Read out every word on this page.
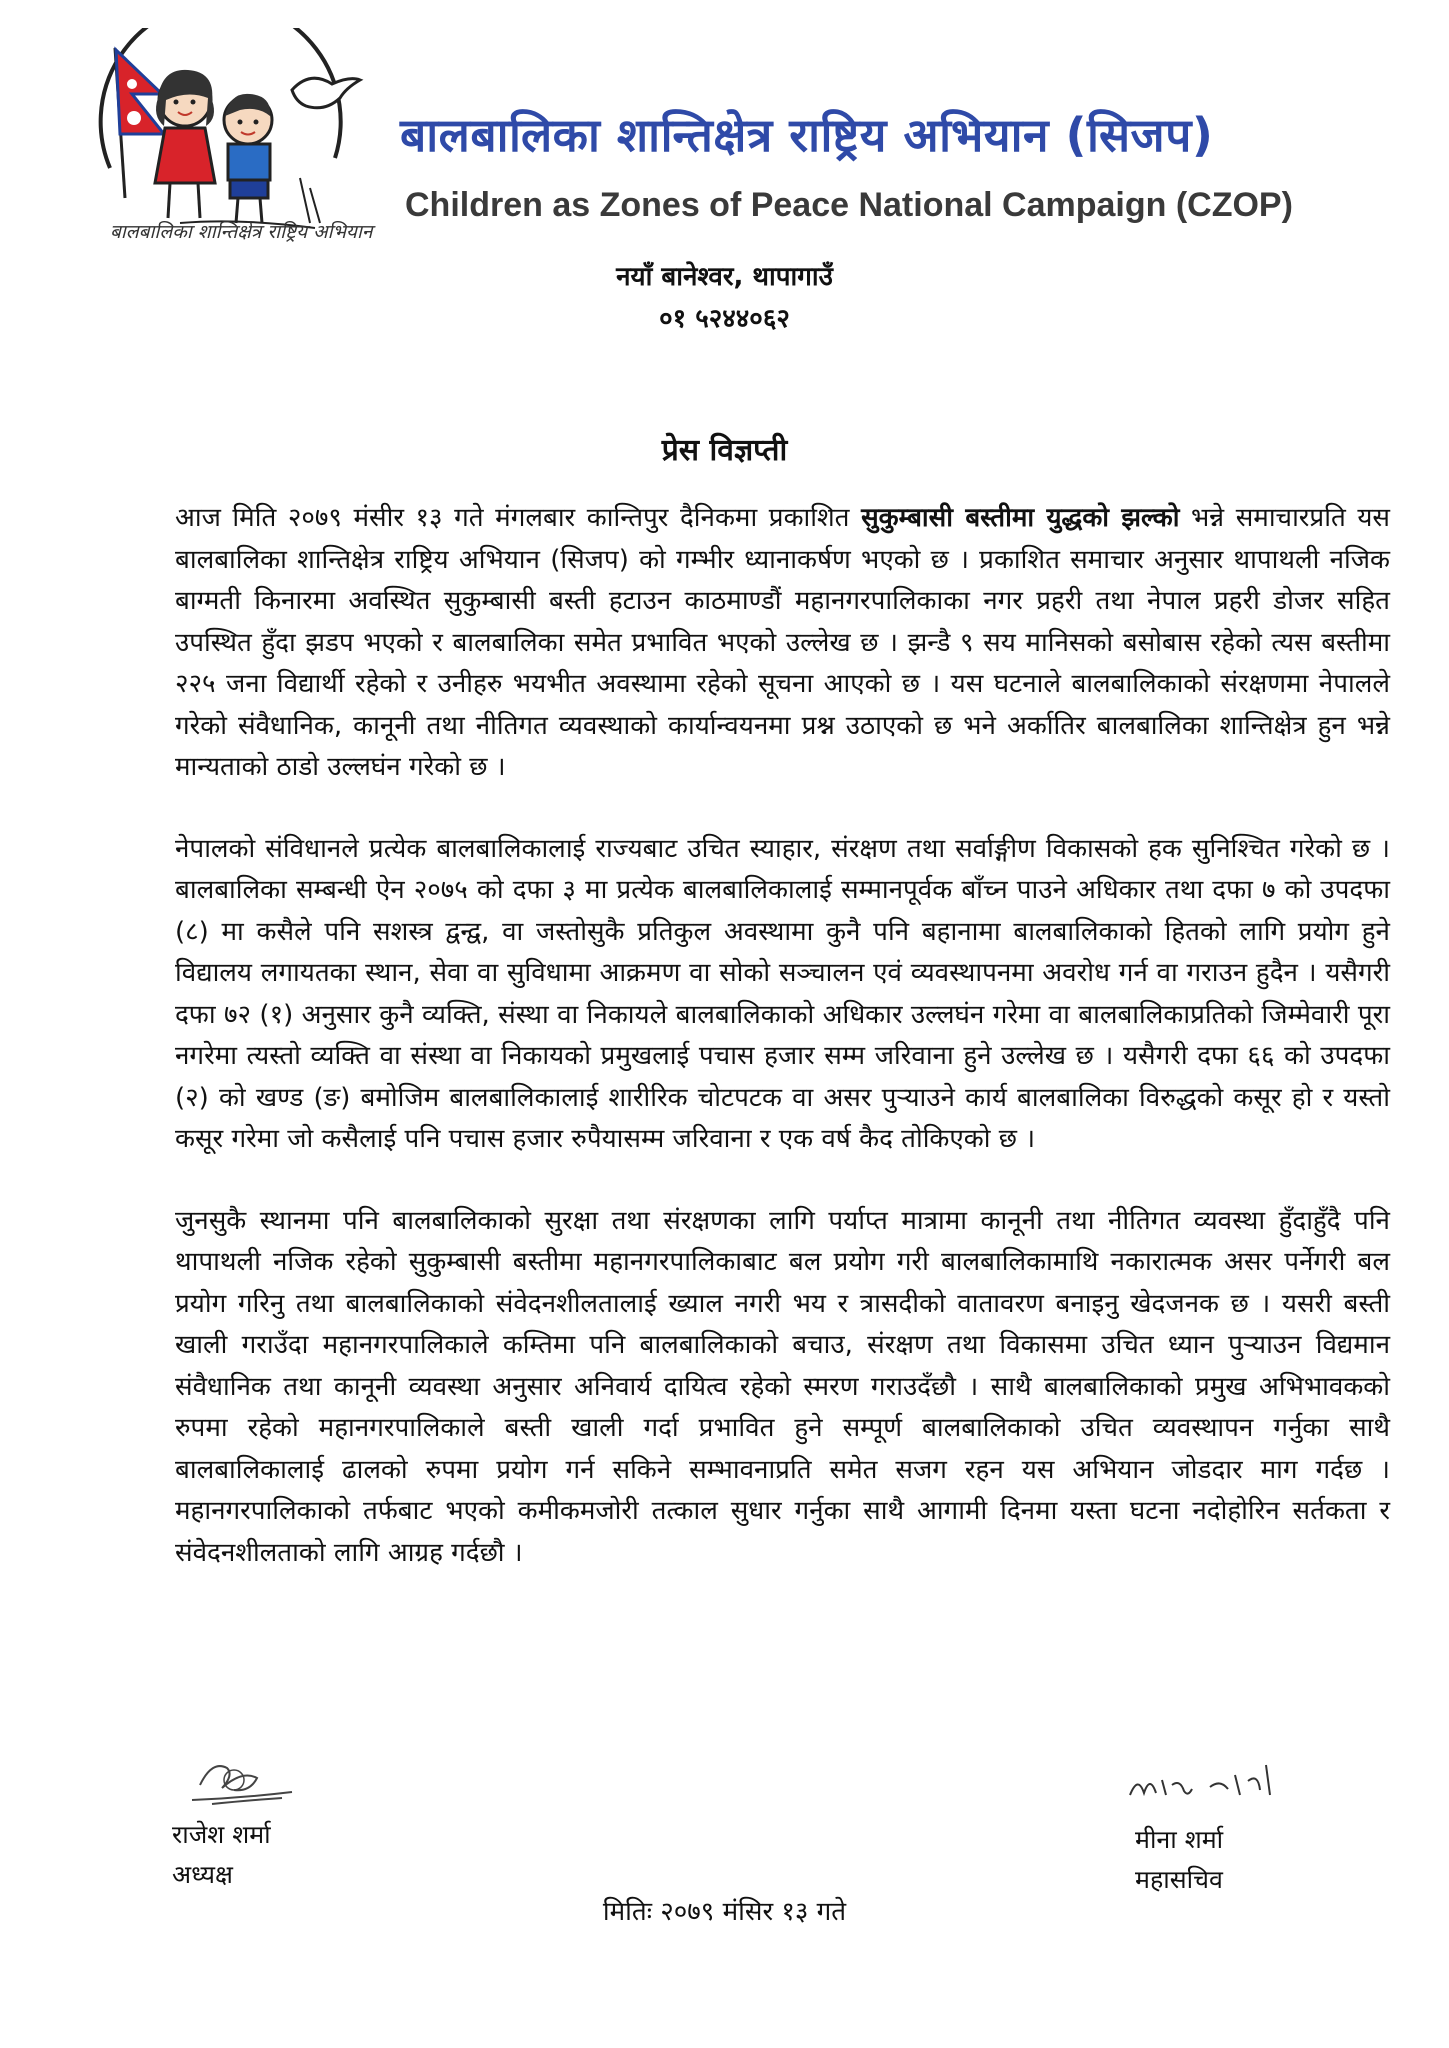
बालबालिका शान्तिक्षेत्र राष्ट्रिय अभियान
बालबालिका शान्तिक्षेत्र राष्ट्रिय अभियान (सिजप)
Children as Zones of Peace National Campaign (CZOP)
नयाँ बानेश्वर, थापागाउँ
०१ ५२४४०६२
प्रेस विज्ञप्ती

आज मिति २०७९ मंसीर १३ गते मंगलबार कान्तिपुर दैनिकमा प्रकाशित सुकुम्बासी बस्तीमा युद्धको झल्को भन्ने समाचारप्रति यस बालबालिका शान्तिक्षेत्र राष्ट्रिय अभियान (सिजप) को गम्भीर ध्यानाकर्षण भएको छ । प्रकाशित समाचार अनुसार थापाथली नजिक बाग्मती किनारमा अवस्थित सुकुम्बासी बस्ती हटाउन काठमाण्डौं महानगरपालिकाका नगर प्रहरी तथा नेपाल प्रहरी डोजर सहित उपस्थित हुँदा झडप भएको र बालबालिका समेत प्रभावित भएको उल्लेख छ । झन्डै ९ सय मानिसको बसोबास रहेको त्यस बस्तीमा २२५ जना विद्यार्थी रहेको र उनीहरु भयभीत अवस्थामा रहेको सूचना आएको छ । यस घटनाले बालबालिकाको संरक्षणमा नेपालले गरेको संवैधानिक, कानूनी तथा नीतिगत व्यवस्थाको कार्यान्वयनमा प्रश्न उठाएको छ भने अर्कातिर बालबालिका शान्तिक्षेत्र हुन भन्ने मान्यताको ठाडो उल्लघंन गरेको छ ।

नेपालको संविधानले प्रत्येक बालबालिकालाई राज्यबाट उचित स्याहार, संरक्षण तथा सर्वाङ्गीण विकासको हक सुनिश्चित गरेको छ । बालबालिका सम्बन्धी ऐन २०७५ को दफा ३ मा प्रत्येक बालबालिकालाई सम्मानपूर्वक बाँच्न पाउने अधिकार तथा दफा ७ को उपदफा (८) मा कसैले पनि सशस्त्र द्वन्द्व, वा जस्तोसुकै प्रतिकुल अवस्थामा कुनै पनि बहानामा बालबालिकाको हितको लागि प्रयोग हुने विद्यालय लगायतका स्थान, सेवा वा सुविधामा आक्रमण वा सोको सञ्चालन एवं व्यवस्थापनमा अवरोध गर्न वा गराउन हुदैन । यसैगरी दफा ७२ (१) अनुसार कुनै व्यक्ति, संस्था वा निकायले बालबालिकाको अधिकार उल्लघंन गरेमा वा बालबालिकाप्रतिको जिम्मेवारी पूरा नगरेमा त्यस्तो व्यक्ति वा संस्था वा निकायको प्रमुखलाई पचास हजार सम्म जरिवाना हुने उल्लेख छ । यसैगरी दफा ६६ को उपदफा (२) को खण्ड (ङ) बमोजिम बालबालिकालाई शारीरिक चोटपटक वा असर पुऱ्याउने कार्य बालबालिका विरुद्धको कसूर हो र यस्तो कसूर गरेमा जो कसैलाई पनि पचास हजार रुपैयासम्म जरिवाना र एक वर्ष कैद तोकिएको छ ।

जुनसुकै स्थानमा पनि बालबालिकाको सुरक्षा तथा संरक्षणका लागि पर्याप्त मात्रामा कानूनी तथा नीतिगत व्यवस्था हुँदाहुँदै पनि थापाथली नजिक रहेको सुकुम्बासी बस्तीमा महानगरपालिकाबाट बल प्रयोग गरी बालबालिकामाथि नकारात्मक असर पर्नेगरी बल प्रयोग गरिनु तथा बालबालिकाको संवेदनशीलतालाई ख्याल नगरी भय र त्रासदीको वातावरण बनाइनु खेदजनक छ । यसरी बस्ती खाली गराउँदा महानगरपालिकाले कम्तिमा पनि बालबालिकाको बचाउ, संरक्षण तथा विकासमा उचित ध्यान पुऱ्याउन विद्यमान संवैधानिक तथा कानूनी व्यवस्था अनुसार अनिवार्य दायित्व रहेको स्मरण गराउदँछौ । साथै बालबालिकाको प्रमुख अभिभावकको रुपमा रहेको महानगरपालिकाले बस्ती खाली गर्दा प्रभावित हुने सम्पूर्ण बालबालिकाको उचित व्यवस्थापन गर्नुका साथै बालबालिकालाई ढालको रुपमा प्रयोग गर्न सकिने सम्भावनाप्रति समेत सजग रहन यस अभियान जोडदार माग गर्दछ । महानगरपालिकाको तर्फबाट भएको कमीकमजोरी तत्काल सुधार गर्नुका साथै आगामी दिनमा यस्ता घटना नदोहोरिन सर्तकता र संवेदनशीलताको लागि आग्रह गर्दछौ ।

राजेश शर्मा
अध्यक्ष
मीना शर्मा
महासचिव
मितिः २०७९ मंसिर १३ गते
